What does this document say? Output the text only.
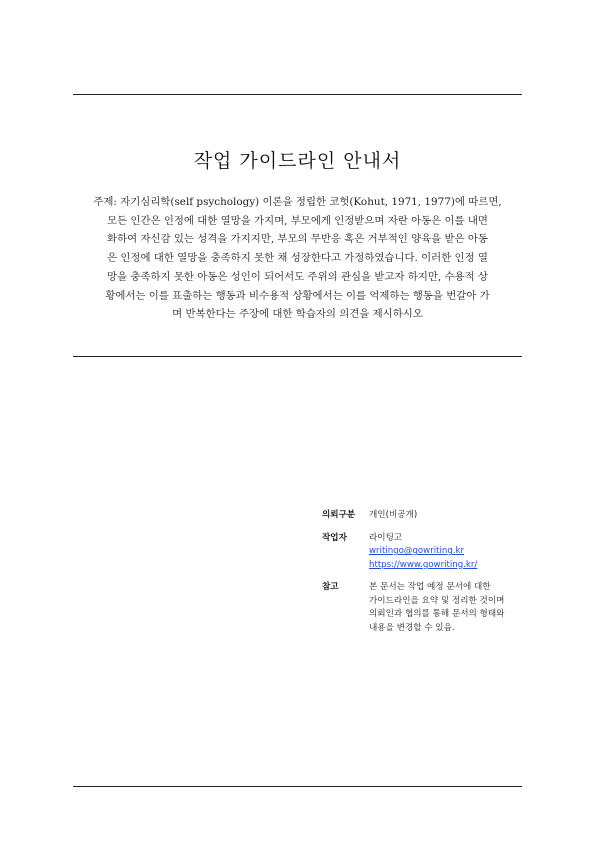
작업 가이드라인 안내서

주제: 자기심리학(self psychology) 이론을 정립한 코헛(Kohut, 1971, 1977)에 따르면,
모든 인간은 인정에 대한 열망을 가지며, 부모에게 인정받으며 자란 아동은 이를 내면
화하여 자신감 있는 성격을 가지지만, 부모의 무반응 혹은 거부적인 양육을 받은 아동
은 인정에 대한 열망을 충족하지 못한 채 성장한다고 가정하였습니다. 이러한 인정 열
망을 충족하지 못한 아동은 성인이 되어서도 주위의 관심을 받고자 하지만, 수용적 상
황에서는 이를 표출하는 행동과 비수용적 상황에서는 이를 억제하는 행동을 번갈아 가
며 반복한다는 주장에 대한 학습자의 의견을 제시하시오

의뢰구분	개인(비공개)
작업자	라이팅고
writingo@gowriting.kr
https://www.gowriting.kr/
참고	본 문서는 작업 예정 문서에 대한
가이드라인을 요약 및 정리한 것이며
의뢰인과 협의를 통해 문서의 형태와
내용을 변경할 수 있음.
